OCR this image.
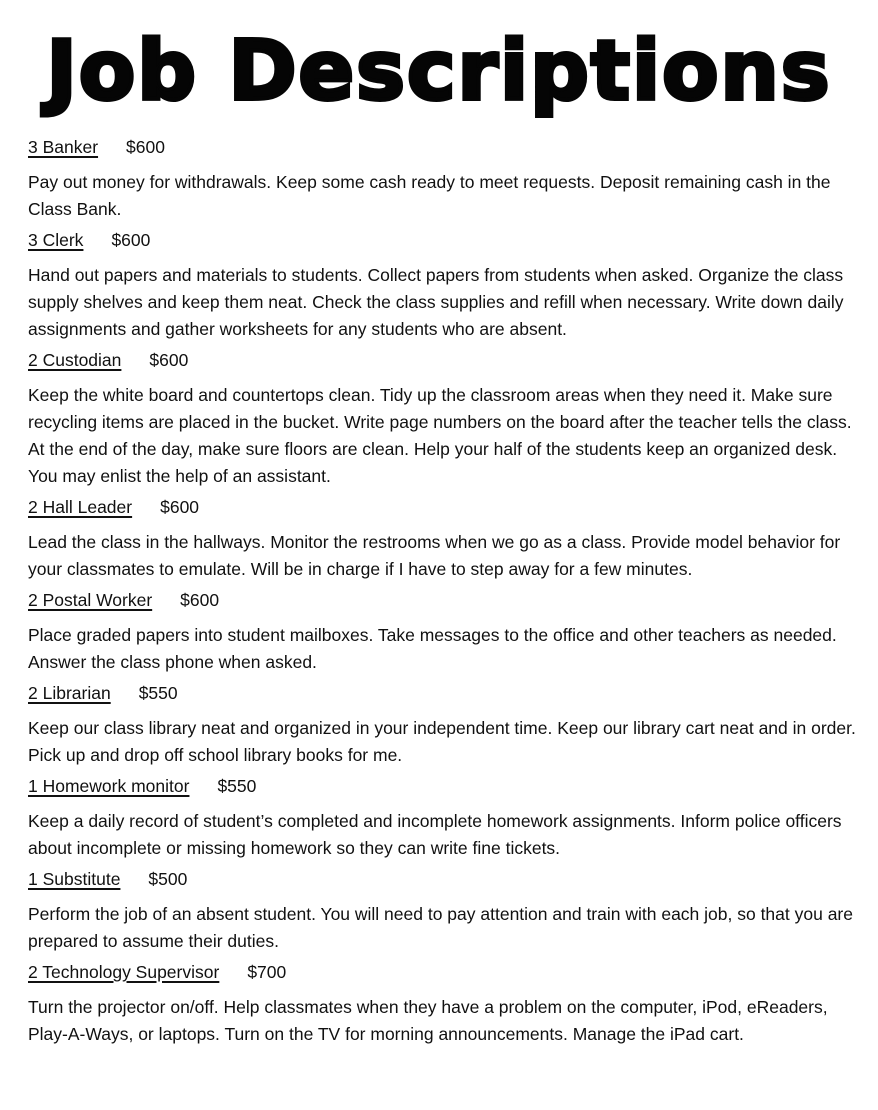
Job Descriptions
3 Banker $600
Pay out money for withdrawals. Keep some cash ready to meet requests. Deposit remaining cash in the Class Bank.
3 Clerk $600
Hand out papers and materials to students. Collect papers from students when asked. Organize the class supply shelves and keep them neat. Check the class supplies and refill when necessary. Write down daily assignments and gather worksheets for any students who are absent.
2 Custodian $600
Keep the white board and countertops clean. Tidy up the classroom areas when they need it. Make sure recycling items are placed in the bucket. Write page numbers on the board after the teacher tells the class. At the end of the day, make sure floors are clean. Help your half of the students keep an organized desk. You may enlist the help of an assistant.
2 Hall Leader $600
Lead the class in the hallways. Monitor the restrooms when we go as a class. Provide model behavior for your classmates to emulate. Will be in charge if I have to step away for a few minutes.
2 Postal Worker $600
Place graded papers into student mailboxes. Take messages to the office and other teachers as needed. Answer the class phone when asked.
2 Librarian $550
Keep our class library neat and organized in your independent time. Keep our library cart neat and in order. Pick up and drop off school library books for me.
1 Homework monitor $550
Keep a daily record of student’s completed and incomplete homework assignments. Inform police officers about incomplete or missing homework so they can write fine tickets.
1 Substitute $500
Perform the job of an absent student. You will need to pay attention and train with each job, so that you are prepared to assume their duties.
2 Technology Supervisor $700
Turn the projector on/off. Help classmates when they have a problem on the computer, iPod, eReaders, Play-A-Ways, or laptops. Turn on the TV for morning announcements. Manage the iPad cart.
